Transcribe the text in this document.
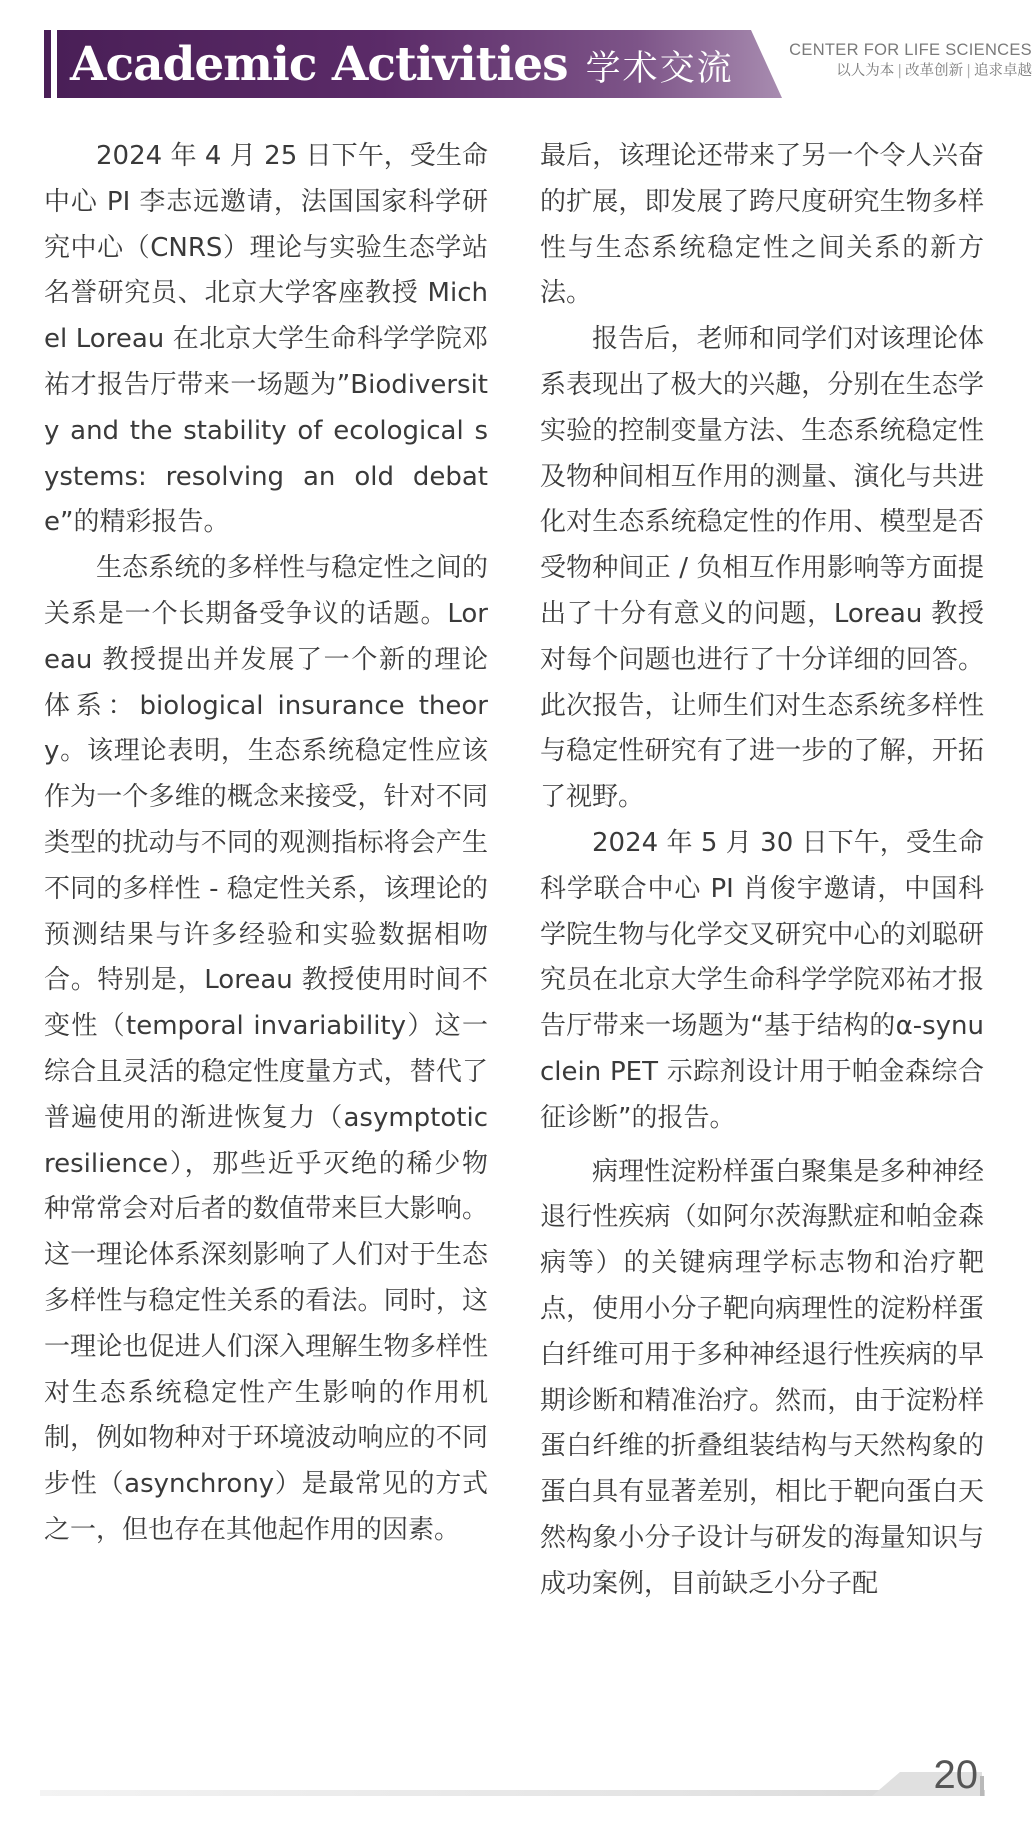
Academic Activities 学术交流	CENTER FOR LIFE SCIENCES
以人为本 | 改革创新 | 追求卓越

2024 年 4 月 25 日下午，受生命中心 PI 李志远邀请，法国国家科学研究中心（CNRS）理论与实验生态学站名誉研究员、北京大学客座教授 Michel Loreau 在北京大学生命科学学院邓祐才报告厅带来一场题为”Biodiversity and the stability of ecological systems: resolving an old debate”的精彩报告。

生态系统的多样性与稳定性之间的关系是一个长期备受争议的话题。Loreau 教授提出并发展了一个新的理论体系：biological insurance theory。该理论表明，生态系统稳定性应该作为一个多维的概念来接受，针对不同类型的扰动与不同的观测指标将会产生不同的多样性 - 稳定性关系，该理论的预测结果与许多经验和实验数据相吻合。特别是，Loreau 教授使用时间不变性（temporal invariability）这一综合且灵活的稳定性度量方式，替代了普遍使用的渐进恢复力（asymptotic resilience），那些近乎灭绝的稀少物种常常会对后者的数值带来巨大影响。这一理论体系深刻影响了人们对于生态多样性与稳定性关系的看法。同时，这一理论也促进人们深入理解生物多样性对生态系统稳定性产生影响的作用机制，例如物种对于环境波动响应的不同步性（asynchrony）是最常见的方式之一，但也存在其他起作用的因素。

最后，该理论还带来了另一个令人兴奋的扩展，即发展了跨尺度研究生物多样性与生态系统稳定性之间关系的新方法。

报告后，老师和同学们对该理论体系表现出了极大的兴趣，分别在生态学实验的控制变量方法、生态系统稳定性及物种间相互作用的测量、演化与共进化对生态系统稳定性的作用、模型是否受物种间正 / 负相互作用影响等方面提出了十分有意义的问题，Loreau 教授对每个问题也进行了十分详细的回答。此次报告，让师生们对生态系统多样性与稳定性研究有了进一步的了解，开拓了视野。

2024 年 5 月 30 日下午，受生命科学联合中心 PI 肖俊宇邀请，中国科学院生物与化学交叉研究中心的刘聪研究员在北京大学生命科学学院邓祐才报告厅带来一场题为“基于结构的α-synuclein PET 示踪剂设计用于帕金森综合征诊断”的报告。

病理性淀粉样蛋白聚集是多种神经退行性疾病（如阿尔茨海默症和帕金森病等）的关键病理学标志物和治疗靶点，使用小分子靶向病理性的淀粉样蛋白纤维可用于多种神经退行性疾病的早期诊断和精准治疗。然而，由于淀粉样蛋白纤维的折叠组装结构与天然构象的蛋白具有显著差别，相比于靶向蛋白天然构象小分子设计与研发的海量知识与成功案例，目前缺乏小分子配

20
